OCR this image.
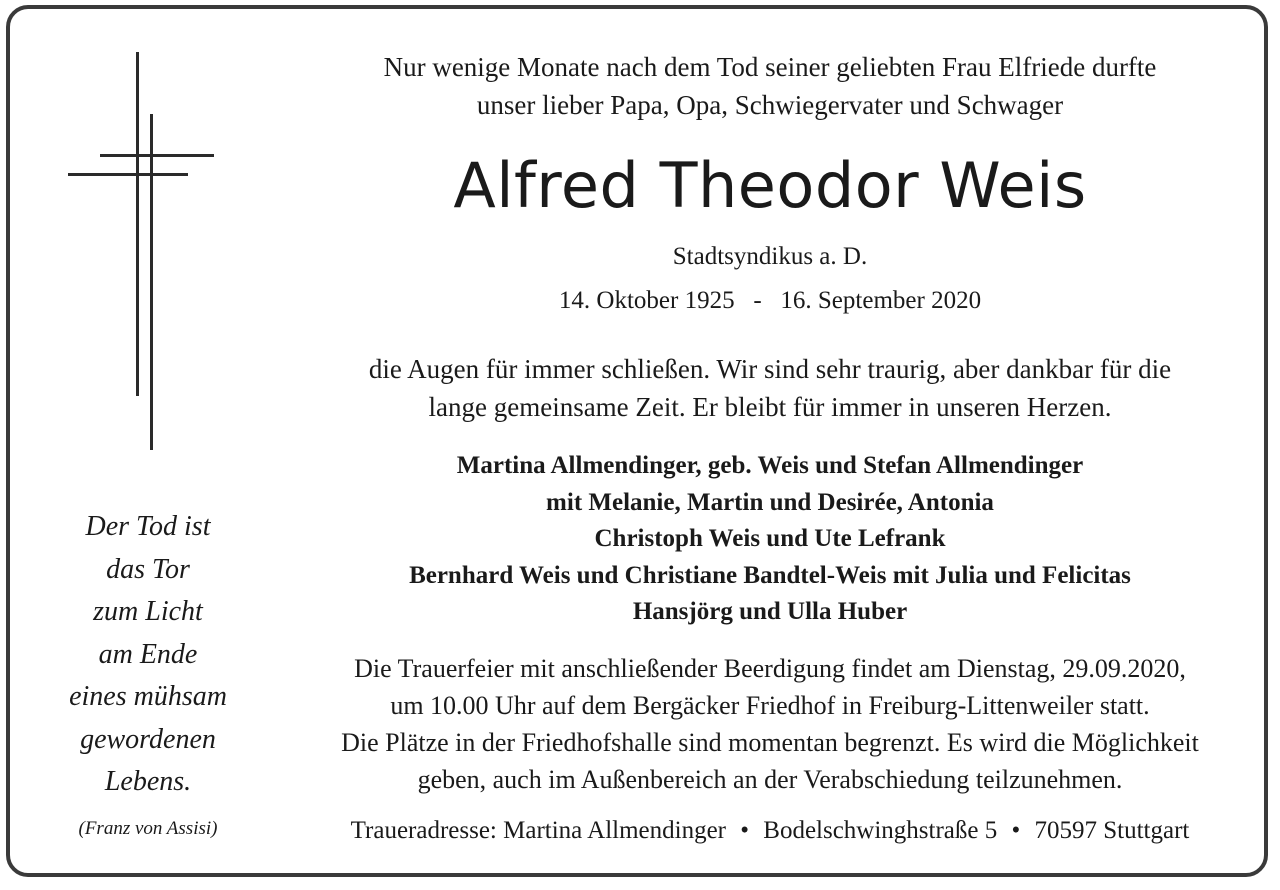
Der Tod ist
das Tor
zum Licht
am Ende
eines mühsam
gewordenen
Lebens.
(Franz von Assisi)
Nur wenige Monate nach dem Tod seiner geliebten Frau Elfriede durfte
unser lieber Papa, Opa, Schwiegervater und Schwager
Alfred Theodor Weis
Stadtsyndikus a. D.
14. Oktober 1925 - 16. September 2020
die Augen für immer schließen. Wir sind sehr traurig, aber dankbar für die
lange gemeinsame Zeit. Er bleibt für immer in unseren Herzen.
Martina Allmendinger, geb. Weis und Stefan Allmendinger
mit Melanie, Martin und Desirée, Antonia
Christoph Weis und Ute Lefrank
Bernhard Weis und Christiane Bandtel-Weis mit Julia und Felicitas
Hansjörg und Ulla Huber
Die Trauerfeier mit anschließender Beerdigung findet am Dienstag, 29.09.2020,
um 10.00 Uhr auf dem Bergäcker Friedhof in Freiburg-Littenweiler statt.
Die Plätze in der Friedhofshalle sind momentan begrenzt. Es wird die Möglichkeit
geben, auch im Außenbereich an der Verabschiedung teilzunehmen.
Traueradresse: Martina Allmendinger • Bodelschwinghstraße 5 • 70597 Stuttgart
